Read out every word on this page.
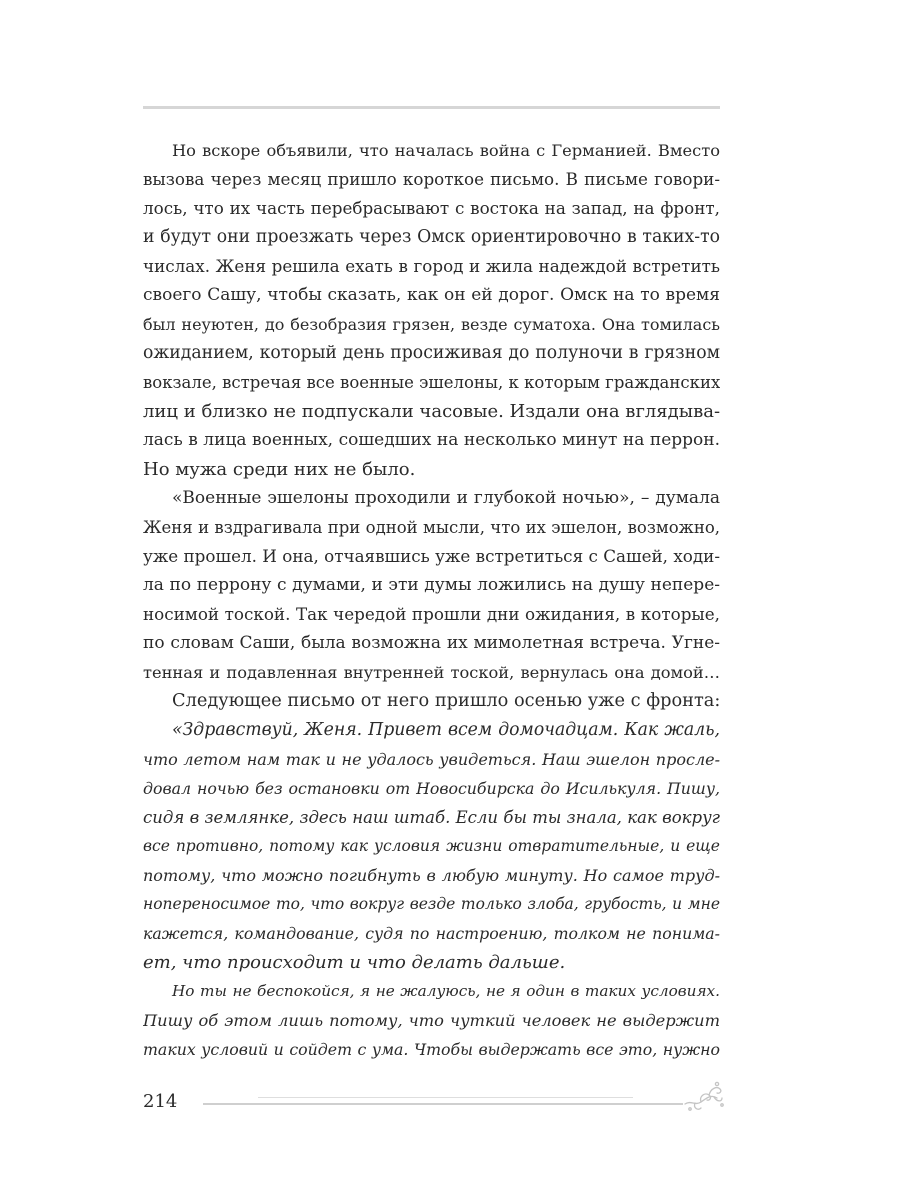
Но вскоре объявили, что началась война с Германией. Вместо
вызова через месяц пришло короткое письмо. В письме говори-
лось, что их часть перебрасывают с востока на запад, на фронт,
и будут они проезжать через Омск ориентировочно в таких-то
числах. Женя решила ехать в город и жила надеждой встретить
своего Сашу, чтобы сказать, как он ей дорог. Омск на то время
был неуютен, до безобразия грязен, везде суматоха. Она томилась
ожиданием, который день просиживая до полуночи в грязном
вокзале, встречая все военные эшелоны, к которым гражданских
лиц и близко не подпускали часовые. Издали она вглядыва-
лась в лица военных, сошедших на несколько минут на перрон.
Но мужа среди них не было.
«Военные эшелоны проходили и глубокой ночью», – думала
Женя и вздрагивала при одной мысли, что их эшелон, возможно,
уже прошел. И она, отчаявшись уже встретиться с Сашей, ходи-
ла по перрону с думами, и эти думы ложились на душу непере-
носимой тоской. Так чередой прошли дни ожидания, в которые,
по словам Саши, была возможна их мимолетная встреча. Угне-
тенная и подавленная внутренней тоской, вернулась она домой…
Следующее письмо от него пришло осенью уже с фронта:
«Здравствуй, Женя. Привет всем домочадцам. Как жаль,
что летом нам так и не удалось увидеться. Наш эшелон просле-
довал ночью без остановки от Новосибирска до Исилькуля. Пишу,
сидя в землянке, здесь наш штаб. Если бы ты знала, как вокруг
все противно, потому как условия жизни отвратительные, и еще
потому, что можно погибнуть в любую минуту. Но самое труд-
нопереносимое то, что вокруг везде только злоба, грубость, и мне
кажется, командование, судя по настроению, толком не понима-
ет, что происходит и что делать дальше.
Но ты не беспокойся, я не жалуюсь, не я один в таких условиях.
Пишу об этом лишь потому, что чуткий человек не выдержит
таких условий и сойдет с ума. Чтобы выдержать все это, нужно
214
